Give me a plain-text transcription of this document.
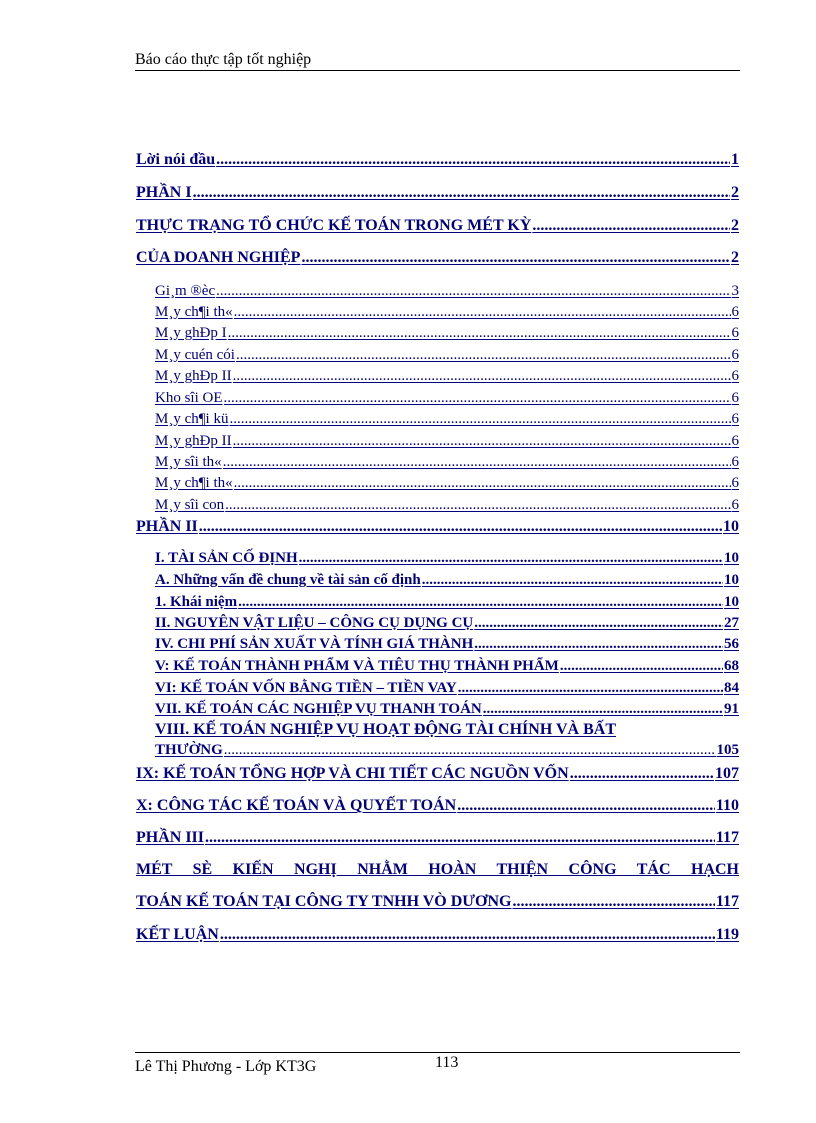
Báo cáo thực tập tốt nghiệp
Lời nói đầu .....	1
PHẦN I .....	2
THỰC TRẠNG TỔ CHỨC KẾ TOÁN TRONG MÉT KỲ .....	2
CỦA DOANH NGHIỆP .....	2
Gi¸m ®èc .....	3
M¸y ch¶i th« .....	6
M¸y ghÐp I .....	6
M¸y cuén cói .....	6
M¸y ghÐp II .....	6
Kho sîi OE .....	6
M¸y ch¶i kü .....	6
M¸y ghÐp II .....	6
M¸y sîi th« .....	6
M¸y ch¶i th« .....	6
M¸y sîi con .....	6
PHẦN II .....	10
I. TÀI SẢN CỐ ĐỊNH .....	10
A. Những vấn đề chung về tài sản cố định .....	10
1. Khái niệm .....	10
II. NGUYÊN VẬT LIỆU – CÔNG CỤ DỤNG CỤ .....	27
IV. CHI PHÍ SẢN XUẤT VÀ TÍNH GIÁ THÀNH .....	56
V: KẾ TOÁN THÀNH PHẨM VÀ TIÊU THỤ THÀNH PHẨM .....	68
VI: KẾ TOÁN VỐN BẰNG TIỀN – TIỀN VAY .....	84
VII. KẾ TOÁN CÁC NGHIỆP VỤ THANH TOÁN .....	91
VIII. KẾ TOÁN NGHIỆP VỤ HOẠT ĐỘNG TÀI CHÍNH VÀ BẤT
THƯỜNG .....	105
IX: KẾ TOÁN TỔNG HỢP VÀ CHI TIẾT CÁC NGUỒN VỐN .....	107
X: CÔNG TÁC KẾ TOÁN VÀ QUYẾT TOÁN .....	110
PHẦN III .....	117
MÉT SÈ KIẾN NGHỊ NHẰM HOÀN THIỆN CÔNG TÁC HẠCH
TOÁN KẾ TOÁN TẠI CÔNG TY TNHH VÒ DƯƠNG .....	117
KẾT LUẬN .....	119
Lê Thị Phương - Lớp KT3G	113
